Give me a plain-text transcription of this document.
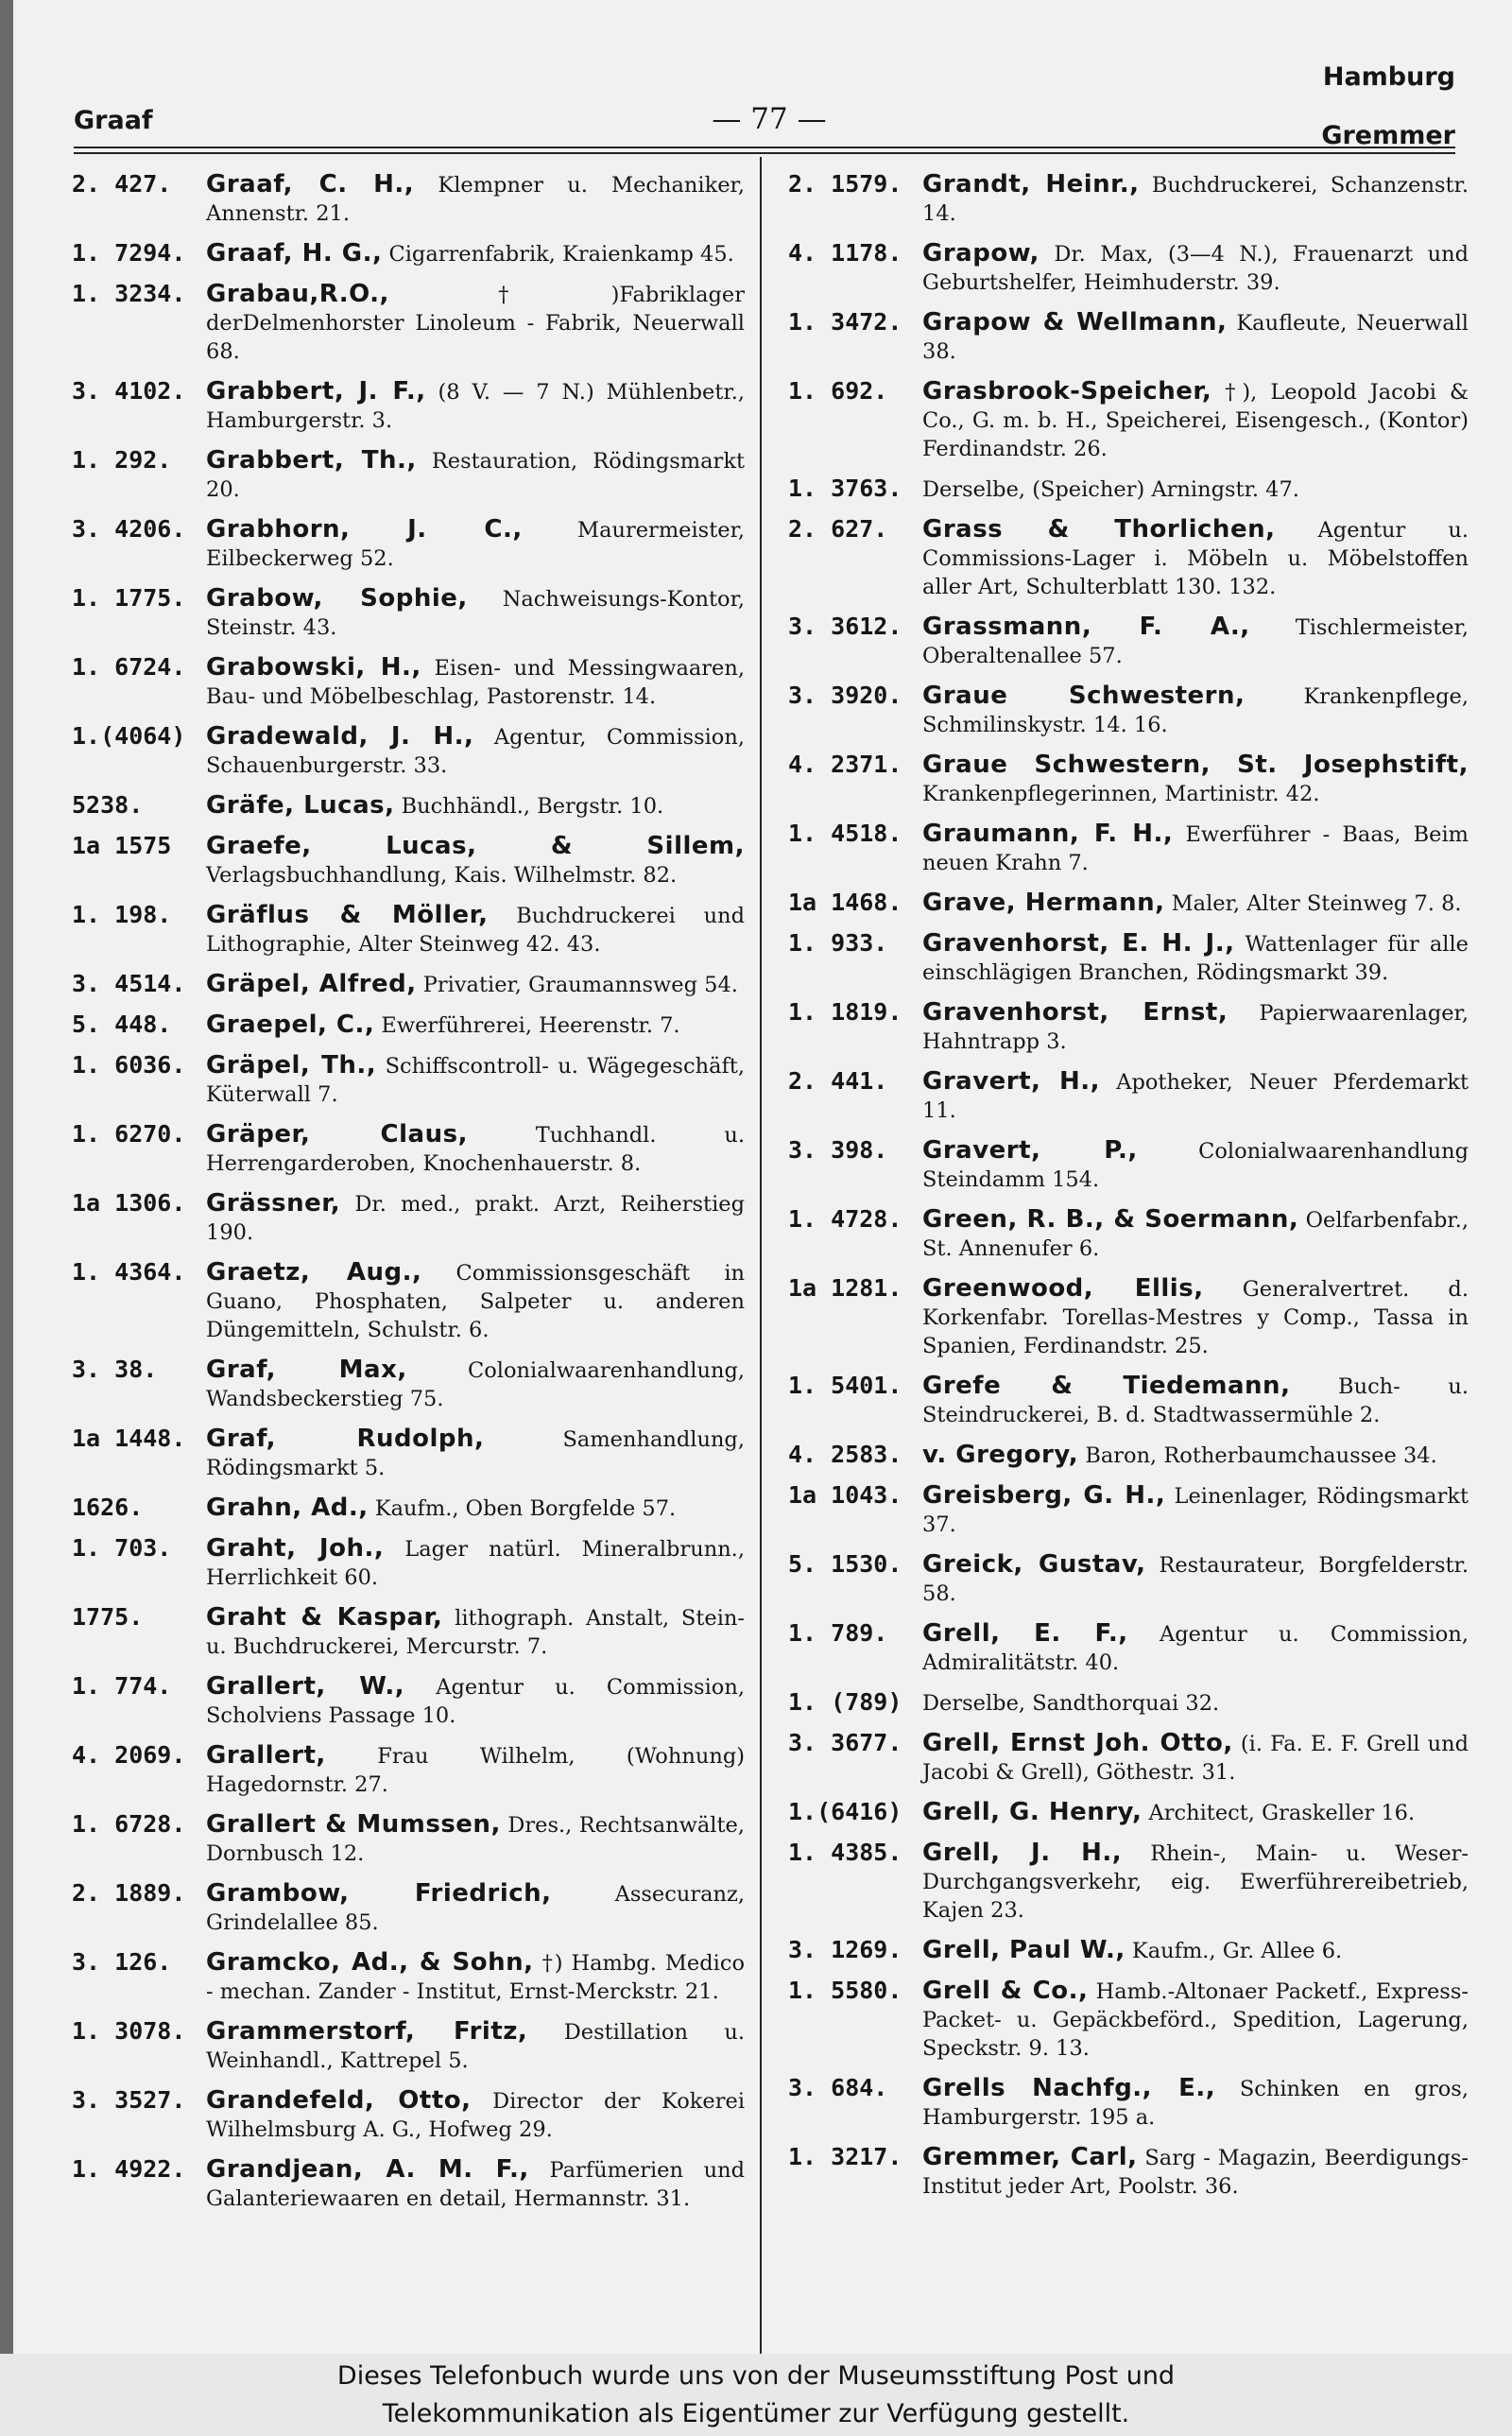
Hamburg
Graaf	— 77 —	Gremmer
2. 427.	Graaf, C. H., Klempner u. Mechaniker, Annenstr. 21.
1. 7294. Graaf, H. G., Cigarrenfabrik, Kraienkamp 45.
1. 3234. Grabau,R.O.,	†)Fabriklager derDelmenhorster Linoleum - Fabrik, Neuerwall 68.
3. 4102. Grabbert, J. F., (8 V. — 7 N.) Mühlenbetr., Hamburgerstr. 3.
1. 292.	Grabbert, Th., Restauration, Rödingsmarkt 20.
3. 4206. Grabhorn, J. C.,	Maurermeister, Eilbeckerweg 52.
1. 1775. Grabow, Sophie, Nachweisungs-Kontor, Steinstr. 43.
1. 6724. Grabowski, H., Eisen- und Messingwaaren, Bau- und Möbelbeschlag, Pastorenstr. 14.
1.(4064) Gradewald, J. H., Agentur, Commission, Schauenburgerstr. 33.
5238.	Gräfe, Lucas, Buchhändl., Bergstr. 10.
1a 1575	Graefe, Lucas, & Sillem, Verlagsbuchhandlung, Kais. Wilhelmstr. 82.
1. 198.	Gräflus & Möller, Buchdruckerei und Lithographie, Alter Steinweg 42. 43.
3. 4514. Gräpel, Alfred, Privatier, Graumannsweg 54.
5. 448.	Graepel, C., Ewerführerei, Heerenstr. 7.
1. 6036. Gräpel, Th., Schiffscontroll- u. Wägegeschäft, Küterwall 7.
1. 6270. Gräper, Claus,	Tuchhandl. u. Herrengarderoben, Knochenhauerstr. 8.
1a 1306. Grässner, Dr. med., prakt. Arzt, Reiherstieg 190.
1. 4364. Graetz, Aug., Commissionsgeschäft in Guano, Phosphaten, Salpeter u. anderen Düngemitteln, Schulstr. 6.
3. 38.	Graf, Max,	Colonialwaarenhandlung, Wandsbeckerstieg 75.
1a 1448. Graf, Rudolph,	Samenhandlung, Rödingsmarkt 5.
1626.	Grahn, Ad., Kaufm., Oben Borgfelde 57.
1. 703.	Graht, Joh., Lager natürl. Mineralbrunn., Herrlichkeit 60.
1775.	Graht & Kaspar, lithograph. Anstalt, Stein- u. Buchdruckerei, Mercurstr. 7.
1. 774.	Grallert, W., Agentur u. Commission, Scholviens Passage 10.
4. 2069. Grallert, Frau Wilhelm, (Wohnung) Hagedornstr. 27.
1. 6728. Grallert & Mumssen, Dres., Rechtsanwälte, Dornbusch 12.
2. 1889. Grambow, Friedrich,	Assecuranz, Grindelallee 85.
3. 126.	Gramcko, Ad., & Sohn, †) Hambg. Medico - mechan. Zander - Institut, Ernst-Merckstr. 21.
1. 3078. Grammerstorf, Fritz, Destillation u. Weinhandl., Kattrepel 5.
3. 3527. Grandefeld, Otto, Director der Kokerei Wilhelmsburg A. G., Hofweg 29.
1. 4922. Grandjean, A. M. F., Parfümerien und Galanteriewaaren en detail, Hermannstr. 31.
2. 1579. Grandt, Heinr., Buchdruckerei, Schanzenstr. 14.
4. 1178. Grapow, Dr. Max, (3—4 N.), Frauenarzt und Geburtshelfer, Heimhuderstr. 39.
1. 3472. Grapow & Wellmann, Kaufleute, Neuerwall 38.
1. 692.	Grasbrook-Speicher, †), Leopold Jacobi & Co., G. m. b. H., Speicherei, Eisengesch., (Kontor) Ferdinandstr. 26.
1. 3763. Derselbe, (Speicher) Arningstr. 47.
2. 627.	Grass & Thorlichen, Agentur u. Commissions-Lager i. Möbeln u. Möbelstoffen aller Art, Schulterblatt 130. 132.
3. 3612. Grassmann, F. A., Tischlermeister, Oberaltenallee 57.
3. 3920. Graue Schwestern,	Krankenpflege, Schmilinskystr. 14. 16.
4. 2371. Graue Schwestern, St. Josephstift, Krankenpflegerinnen, Martinistr. 42.
1. 4518. Graumann, F. H., Ewerführer - Baas, Beim neuen Krahn 7.
1a 1468. Grave, Hermann, Maler, Alter Steinweg 7. 8.
1. 933.	Gravenhorst, E. H. J., Wattenlager für alle einschlägigen Branchen, Rödingsmarkt 39.
1. 1819. Gravenhorst, Ernst, Papierwaarenlager, Hahntrapp 3.
2. 441.	Gravert, H., Apotheker, Neuer Pferdemarkt 11.
3. 398.	Gravert, P.,	Colonialwaarenhandlung Steindamm 154.
1. 4728. Green, R. B., & Soermann, Oelfarbenfabr., St. Annenufer 6.
1a 1281. Greenwood, Ellis, Generalvertret. d. Korkenfabr. Torellas-Mestres y Comp., Tassa in Spanien, Ferdinandstr. 25.
1. 5401. Grefe & Tiedemann, Buch- u. Steindruckerei, B. d. Stadtwassermühle 2.
4. 2583. v. Gregory, Baron, Rotherbaumchaussee 34.
1a 1043. Greisberg, G. H., Leinenlager, Rödingsmarkt 37.
5. 1530. Greick, Gustav, Restaurateur, Borgfelderstr. 58.
1. 789.	Grell, E. F., Agentur u. Commission, Admiralitätstr. 40.
1. (789) Derselbe, Sandthorquai 32.
3. 3677. Grell, Ernst Joh. Otto, (i. Fa. E. F. Grell und Jacobi & Grell), Göthestr. 31.
1.(6416) Grell, G. Henry, Architect, Graskeller 16.
1. 4385. Grell, J. H., Rhein-, Main- u. Weser-Durchgangsverkehr, eig. Ewerführereibetrieb, Kajen 23.
3. 1269. Grell, Paul W., Kaufm., Gr. Allee 6.
1. 5580. Grell & Co., Hamb.-Altonaer Packetf., Express-Packet- u. Gepäckbeförd., Spedition, Lagerung, Speckstr. 9. 13.
3. 684.	Grells Nachfg., E., Schinken en gros, Hamburgerstr. 195 a.
1. 3217. Gremmer, Carl, Sarg - Magazin, Beerdigungs-Institut jeder Art, Poolstr. 36.
Dieses Telefonbuch wurde uns von der Museumsstiftung Post und
Telekommunikation als Eigentümer zur Verfügung gestellt.
